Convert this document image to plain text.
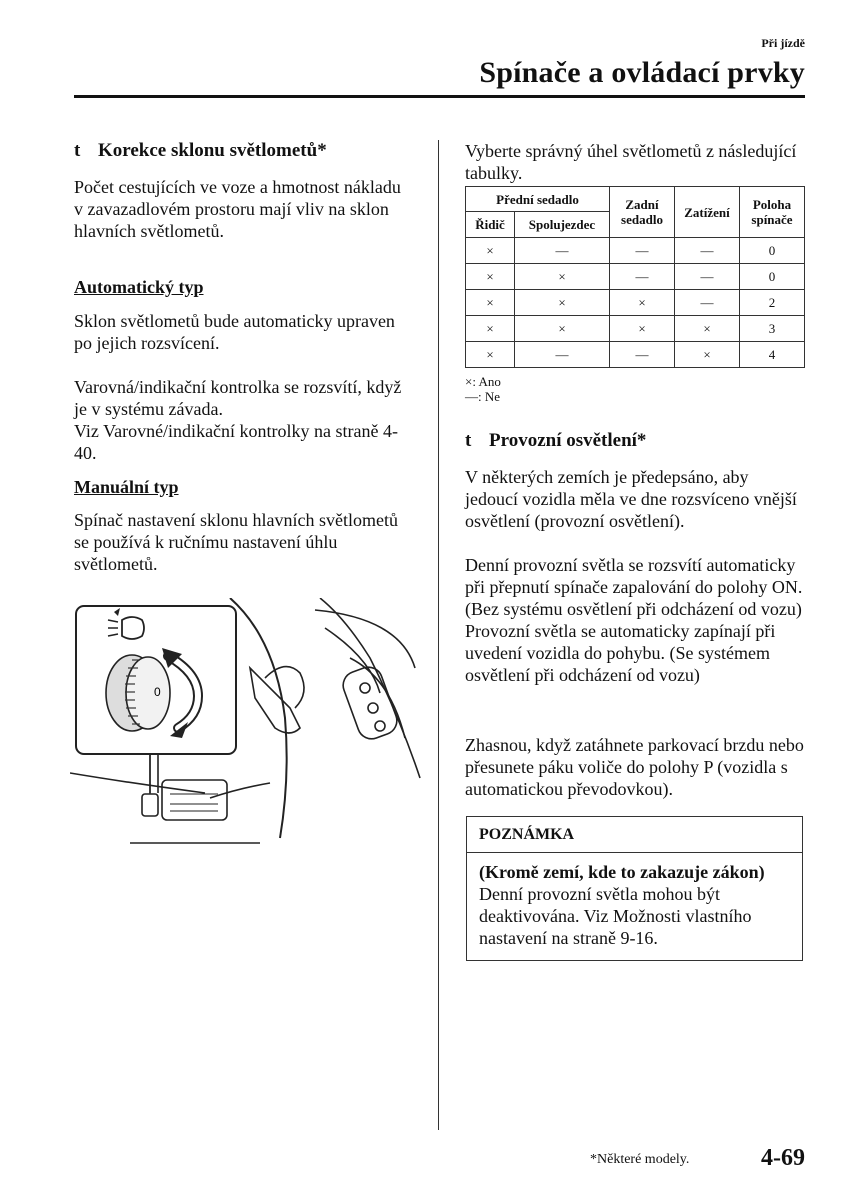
Při jízdě
Spínače a ovládací prvky
t Korekce sklonu světlometů*

Počet cestujících ve voze a hmotnost nákladu v zavazadlovém prostoru mají vliv na sklon hlavních světlometů.

Automatický typ

Sklon světlometů bude automaticky upraven po jejich rozsvícení.

Varovná/indikační kontrolka se rozsvítí, když je v systému závada.

Viz Varovné/indikační kontrolky na straně 4-40.

Manuální typ

Spínač nastavení sklonu hlavních světlometů se používá k ručnímu nastavení úhlu světlometů.

0

Vyberte správný úhel světlometů z následující tabulky.

Přední sedadlo		Zadní sedadlo	Zatížení	Poloha spínače
Řidič	Spolujezdec			
×	—	—	—	0
×	×	—	—	0
×	×	×	—	2
×	×	×	×	3
×	—	—	×	4
×: Ano
—: Ne
t Provozní osvětlení*

V některých zemích je předepsáno, aby jedoucí vozidla měla ve dne rozsvíceno vnější osvětlení (provozní osvětlení).

Denní provozní světla se rozsvítí automaticky při přepnutí spínače zapalování do polohy ON. (Bez systému osvětlení při odcházení od vozu) Provozní světla se automaticky zapínají při uvedení vozidla do pohybu. (Se systémem osvětlení při odcházení od vozu)

Zhasnou, když zatáhnete parkovací brzdu nebo přesunete páku voliče do polohy P (vozidla s automatickou převodovkou).

POZNÁMKA
(Kromě zemí, kde to zakazuje zákon)
Denní provozní světla mohou být deaktivována. Viz Možnosti vlastního nastavení na straně 9-16.
*Některé modely.	4-69
